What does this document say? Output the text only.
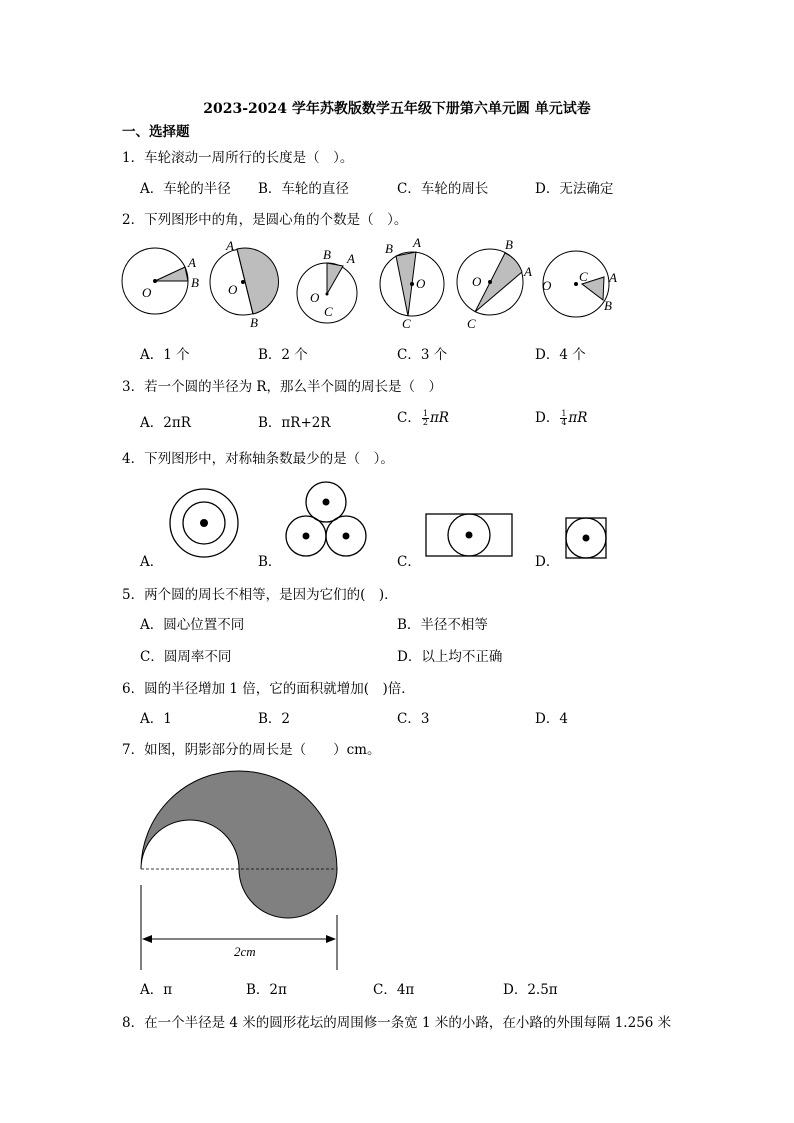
2023-2024 学年苏教版数学五年级下册第六单元圆 单元试卷
一、选择题
1．车轮滚动一周所行的长度是（　）。
A．车轮的半径 B．车轮的直径	C．车轮的周长	D．无法确定
2．下列图形中的角，是圆心角的个数是（　）。
A
B
O
A
O
B
B A
O
C
B A
O
C
B
A
O
C
O
C A
B
A．1 个	B．2 个	C．3 个	D．4 个
3．若一个圆的半径为 R，那么半个圆的周长是（　）
A．2πR	B．πR+2R	C． $\frac{1}{2}$ πR	D． $\frac{1}{4}$ πR
4．下列图形中，对称轴条数最少的是（　）。
A．	B．	C．	D．
5．两个圆的周长不相等，是因为它们的(　)．
A．圆心位置不同	B．半径不相等
C．圆周率不同	D．以上均不正确
6．圆的半径增加 1 倍，它的面积就增加(　)倍．
A．1	B．2	C．3	D．4
7．如图，阴影部分的周长是（　　）cm。
2cm
A．π	B．2π	C．4π	D．2.5π
8．在一个半径是 4 米的圆形花坛的周围修一条宽 1 米的小路，在小路的外围每隔 1.256 米
